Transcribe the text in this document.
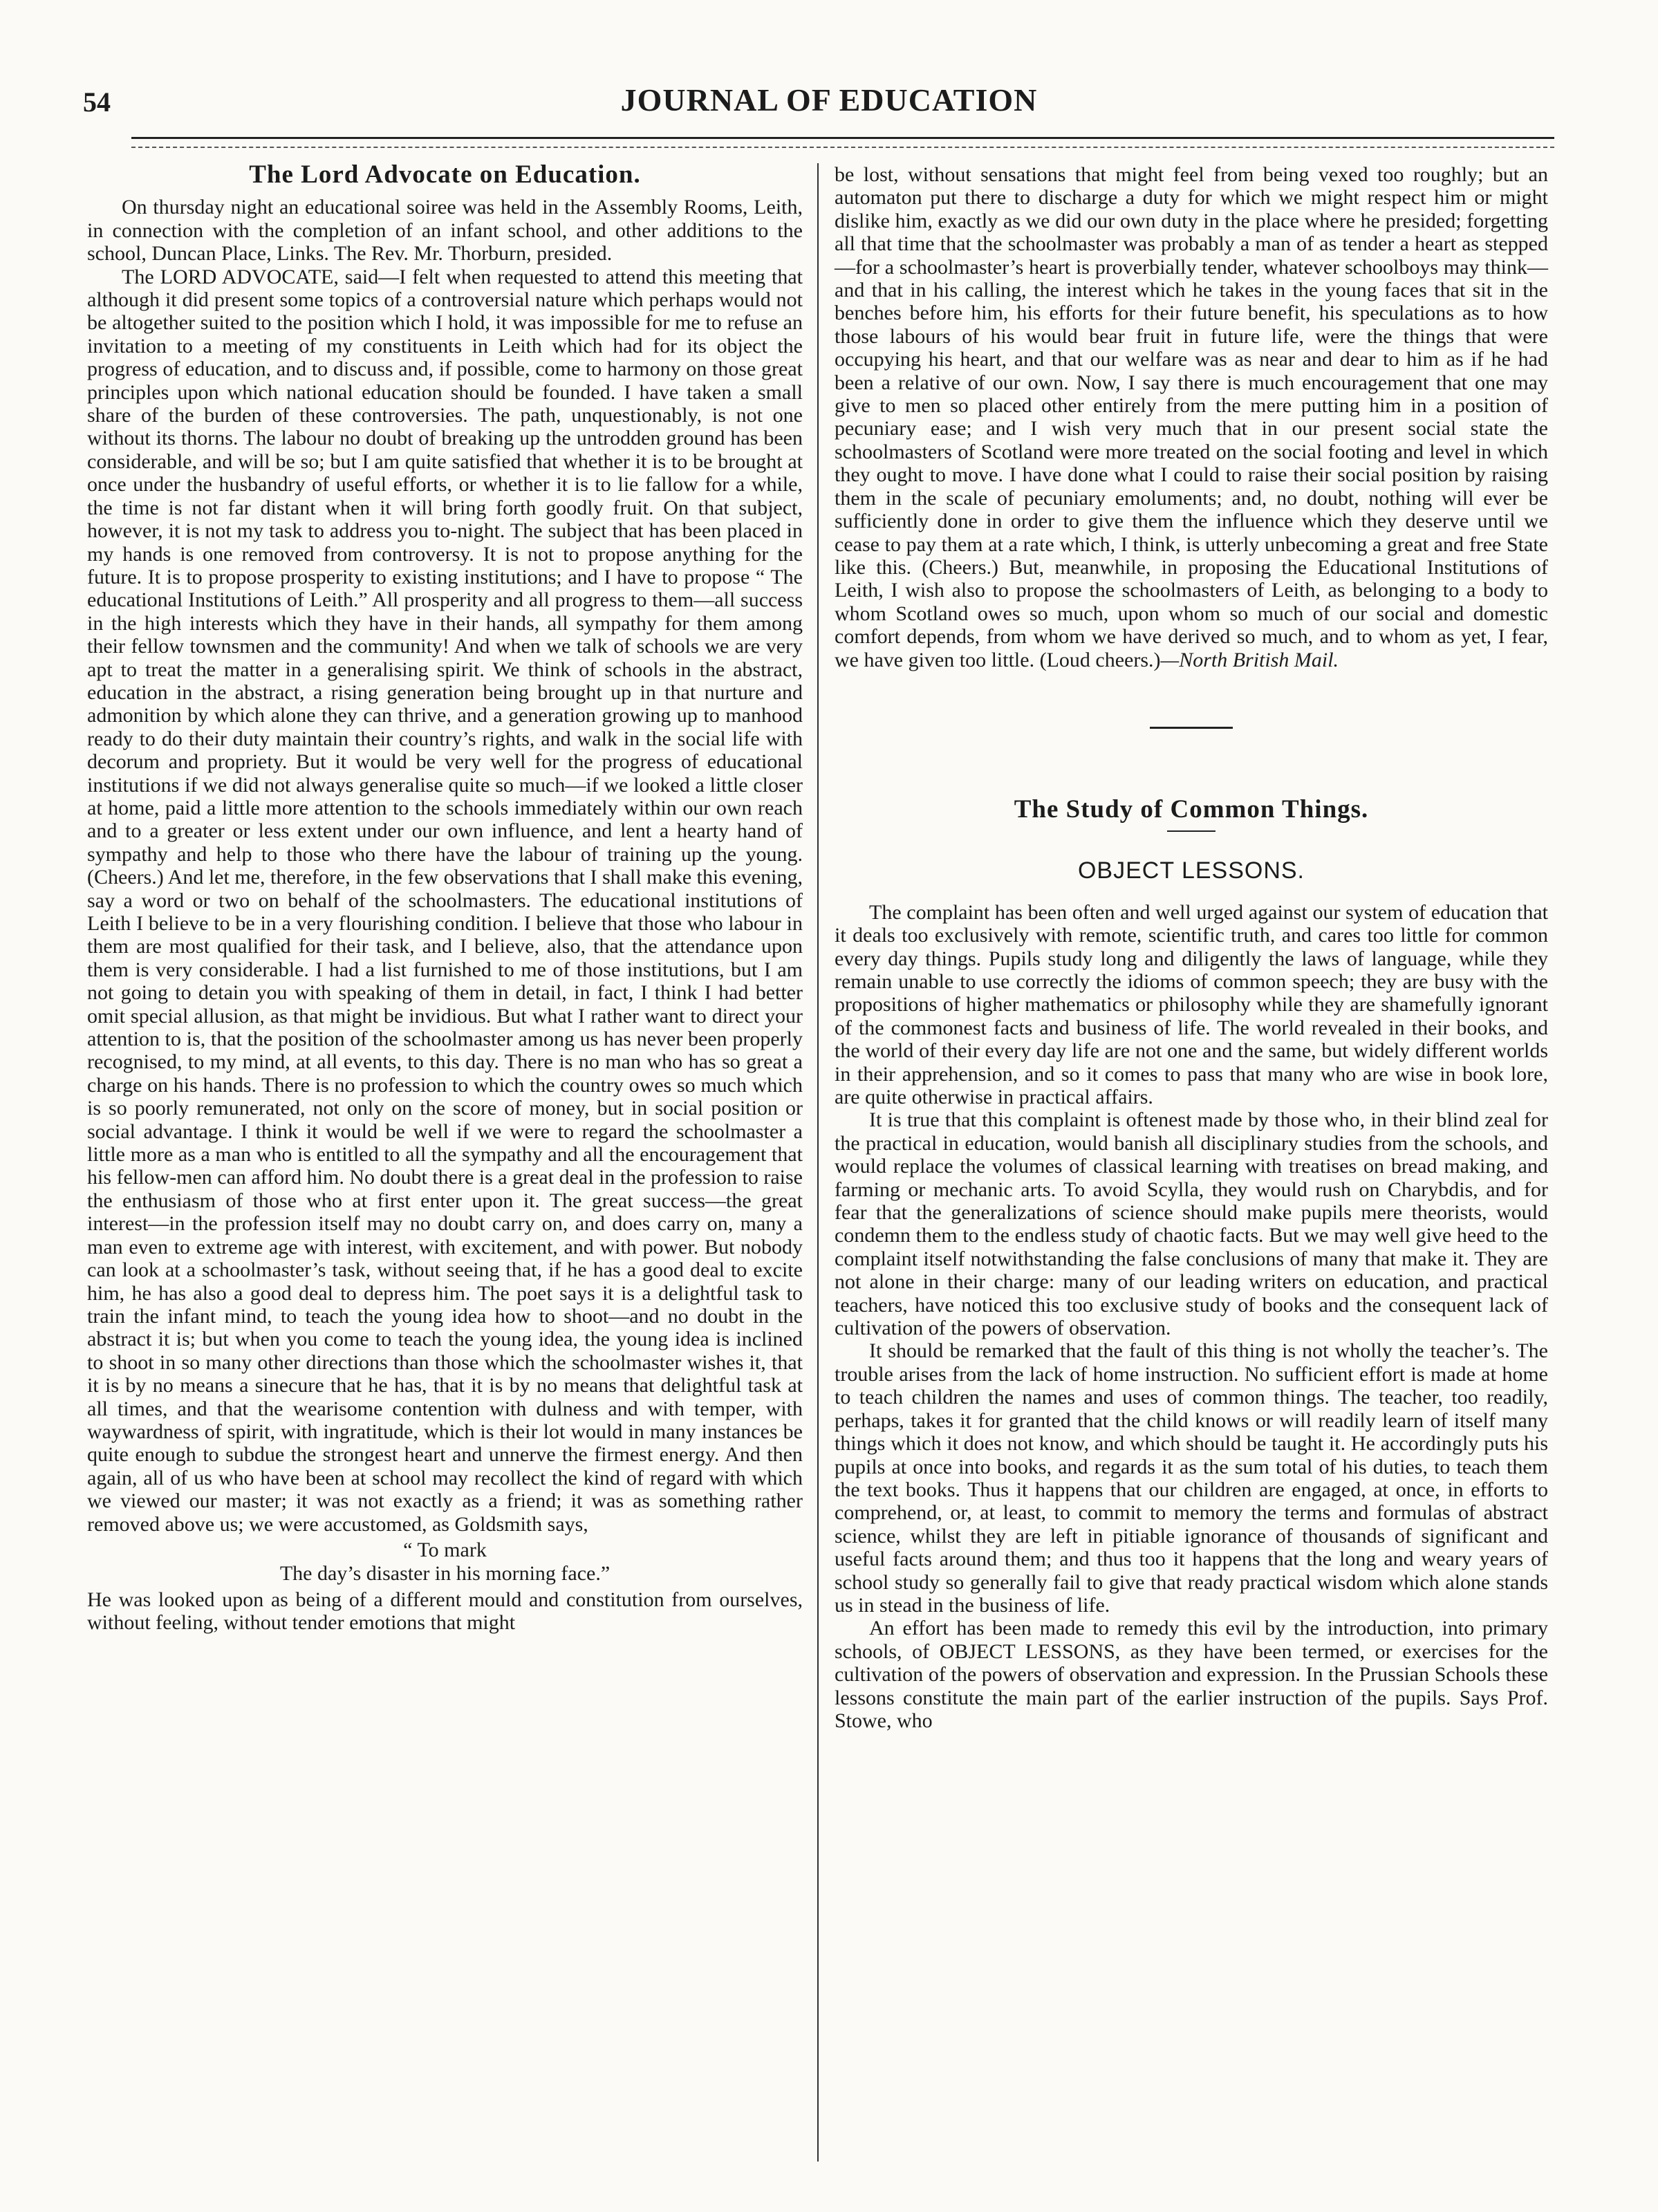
54	JOURNAL OF EDUCATION
The Lord Advocate on Education.

On thursday night an educational soiree was held in the Assembly Rooms, Leith, in connection with the completion of an infant school, and other additions to the school, Duncan Place, Links. The Rev. Mr. Thorburn, presided.

The LORD ADVOCATE, said—I felt when requested to attend this meeting that although it did present some topics of a controversial nature which perhaps would not be altogether suited to the position which I hold, it was impossible for me to refuse an invitation to a meeting of my constituents in Leith which had for its object the progress of education, and to discuss and, if possible, come to harmony on those great principles upon which national education should be founded. I have taken a small share of the burden of these controversies. The path, unquestionably, is not one without its thorns. The labour no doubt of breaking up the untrodden ground has been considerable, and will be so; but I am quite satisfied that whether it is to be brought at once under the husbandry of useful efforts, or whether it is to lie fallow for a while, the time is not far distant when it will bring forth goodly fruit. On that subject, however, it is not my task to address you to-night. The subject that has been placed in my hands is one removed from controversy. It is not to propose anything for the future. It is to propose prosperity to existing institutions; and I have to propose “ The educational Institutions of Leith.” All prosperity and all progress to them—all success in the high interests which they have in their hands, all sympathy for them among their fellow townsmen and the community! And when we talk of schools we are very apt to treat the matter in a generalising spirit. We think of schools in the abstract, education in the abstract, a rising generation being brought up in that nurture and admonition by which alone they can thrive, and a generation growing up to manhood ready to do their duty maintain their country’s rights, and walk in the social life with decorum and propriety. But it would be very well for the progress of educational institutions if we did not always generalise quite so much—if we looked a little closer at home, paid a little more attention to the schools immediately within our own reach and to a greater or less extent under our own influence, and lent a hearty hand of sympathy and help to those who there have the labour of training up the young. (Cheers.) And let me, therefore, in the few observations that I shall make this evening, say a word or two on behalf of the schoolmasters. The educational institutions of Leith I believe to be in a very flourishing condition. I believe that those who labour in them are most qualified for their task, and I believe, also, that the attendance upon them is very considerable. I had a list furnished to me of those institutions, but I am not going to detain you with speaking of them in detail, in fact, I think I had better omit special allusion, as that might be invidious. But what I rather want to direct your attention to is, that the position of the schoolmaster among us has never been properly recognised, to my mind, at all events, to this day. There is no man who has so great a charge on his hands. There is no profession to which the country owes so much which is so poorly remunerated, not only on the score of money, but in social position or social advantage. I think it would be well if we were to regard the schoolmaster a little more as a man who is entitled to all the sympathy and all the encouragement that his fellow-men can afford him. No doubt there is a great deal in the profession to raise the enthusiasm of those who at first enter upon it. The great success—the great interest—in the profession itself may no doubt carry on, and does carry on, many a man even to extreme age with interest, with excitement, and with power. But nobody can look at a schoolmaster’s task, without seeing that, if he has a good deal to excite him, he has also a good deal to depress him. The poet says it is a delightful task to train the infant mind, to teach the young idea how to shoot—and no doubt in the abstract it is; but when you come to teach the young idea, the young idea is inclined to shoot in so many other directions than those which the schoolmaster wishes it, that it is by no means a sinecure that he has, that it is by no means that delightful task at all times, and that the wearisome contention with dulness and with temper, with waywardness of spirit, with ingratitude, which is their lot would in many instances be quite enough to subdue the strongest heart and unnerve the firmest energy. And then again, all of us who have been at school may recollect the kind of regard with which we viewed our master; it was not exactly as a friend; it was as something rather removed above us; we were accustomed, as Goldsmith says,

“ To mark
The day’s disaster in his morning face.”

He was looked upon as being of a different mould and constitution from ourselves, without feeling, without tender emotions that might

be lost, without sensations that might feel from being vexed too roughly; but an automaton put there to discharge a duty for which we might respect him or might dislike him, exactly as we did our own duty in the place where he presided; forgetting all that time that the schoolmaster was probably a man of as tender a heart as stepped—for a schoolmaster’s heart is proverbially tender, whatever schoolboys may think—and that in his calling, the interest which he takes in the young faces that sit in the benches before him, his efforts for their future benefit, his speculations as to how those labours of his would bear fruit in future life, were the things that were occupying his heart, and that our welfare was as near and dear to him as if he had been a relative of our own. Now, I say there is much encouragement that one may give to men so placed other entirely from the mere putting him in a position of pecuniary ease; and I wish very much that in our present social state the schoolmasters of Scotland were more treated on the social footing and level in which they ought to move. I have done what I could to raise their social position by raising them in the scale of pecuniary emoluments; and, no doubt, nothing will ever be sufficiently done in order to give them the influence which they deserve until we cease to pay them at a rate which, I think, is utterly unbecoming a great and free State like this. (Cheers.) But, meanwhile, in proposing the Educational Institutions of Leith, I wish also to propose the schoolmasters of Leith, as belonging to a body to whom Scotland owes so much, upon whom so much of our social and domestic comfort depends, from whom we have derived so much, and to whom as yet, I fear, we have given too little. (Loud cheers.)—North British Mail.

The Study of Common Things.
OBJECT LESSONS.

The complaint has been often and well urged against our system of education that it deals too exclusively with remote, scientific truth, and cares too little for common every day things. Pupils study long and diligently the laws of language, while they remain unable to use correctly the idioms of common speech; they are busy with the propositions of higher mathematics or philosophy while they are shamefully ignorant of the commonest facts and business of life. The world revealed in their books, and the world of their every day life are not one and the same, but widely different worlds in their apprehension, and so it comes to pass that many who are wise in book lore, are quite otherwise in practical affairs.

It is true that this complaint is oftenest made by those who, in their blind zeal for the practical in education, would banish all disciplinary studies from the schools, and would replace the volumes of classical learning with treatises on bread making, and farming or mechanic arts. To avoid Scylla, they would rush on Charybdis, and for fear that the generalizations of science should make pupils mere theorists, would condemn them to the endless study of chaotic facts. But we may well give heed to the complaint itself notwithstanding the false conclusions of many that make it. They are not alone in their charge: many of our leading writers on education, and practical teachers, have noticed this too exclusive study of books and the consequent lack of cultivation of the powers of observation.

It should be remarked that the fault of this thing is not wholly the teacher’s. The trouble arises from the lack of home instruction. No sufficient effort is made at home to teach children the names and uses of common things. The teacher, too readily, perhaps, takes it for granted that the child knows or will readily learn of itself many things which it does not know, and which should be taught it. He accordingly puts his pupils at once into books, and regards it as the sum total of his duties, to teach them the text books. Thus it happens that our children are engaged, at once, in efforts to comprehend, or, at least, to commit to memory the terms and formulas of abstract science, whilst they are left in pitiable ignorance of thousands of significant and useful facts around them; and thus too it happens that the long and weary years of school study so generally fail to give that ready practical wisdom which alone stands us in stead in the business of life.

An effort has been made to remedy this evil by the introduction, into primary schools, of OBJECT LESSONS, as they have been termed, or exercises for the cultivation of the powers of observation and expression. In the Prussian Schools these lessons constitute the main part of the earlier instruction of the pupils. Says Prof. Stowe, who
